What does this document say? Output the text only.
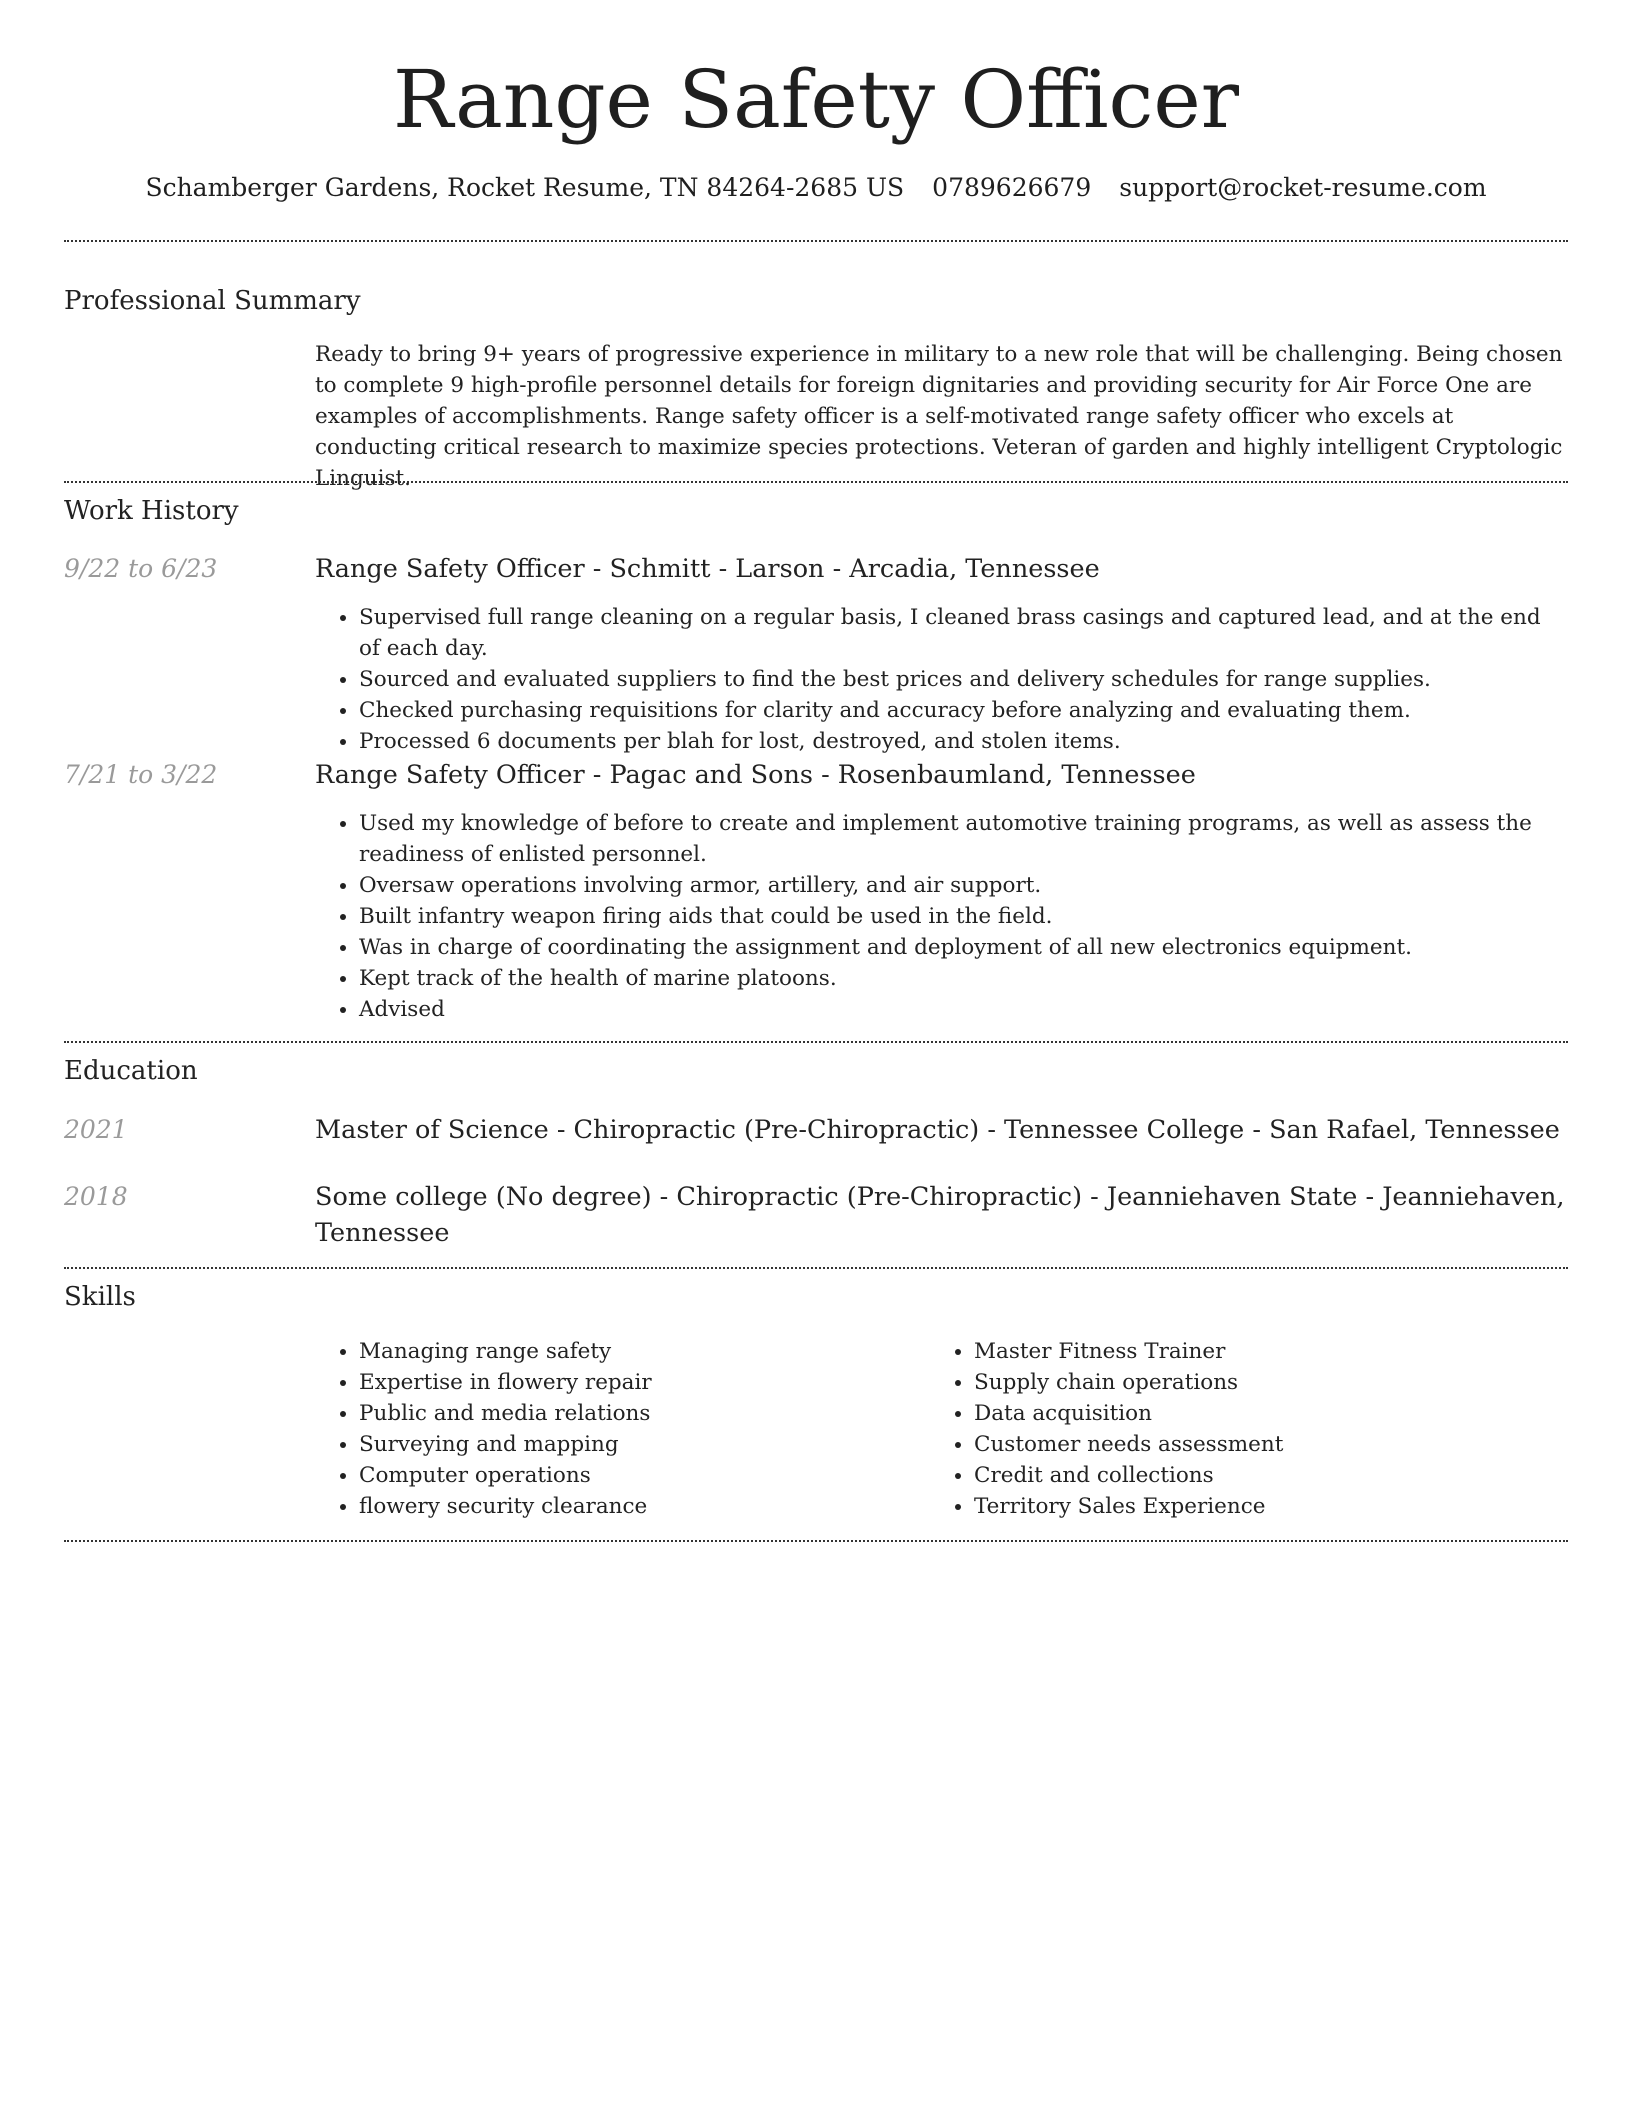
Range Safety Officer
Schamberger Gardens, Rocket Resume, TN 84264-2685 US 0789626679 support@rocket-resume.com
Professional Summary
Ready to bring 9+ years of progressive experience in military to a new role that will be challenging. Being chosen to complete 9 high-profile personnel details for foreign dignitaries and providing security for Air Force One are examples of accomplishments. Range safety officer is a self-motivated range safety officer who excels at conducting critical research to maximize species protections. Veteran of garden and highly intelligent Cryptologic Linguist.
Work History
9/22 to 6/23	Range Safety Officer - Schmitt - Larson - Arcadia, Tennessee
• Supervised full range cleaning on a regular basis, I cleaned brass casings and captured lead, and at the end of each day.
• Sourced and evaluated suppliers to find the best prices and delivery schedules for range supplies.
• Checked purchasing requisitions for clarity and accuracy before analyzing and evaluating them.
• Processed 6 documents per blah for lost, destroyed, and stolen items.
7/21 to 3/22	Range Safety Officer - Pagac and Sons - Rosenbaumland, Tennessee
• Used my knowledge of before to create and implement automotive training programs, as well as assess the readiness of enlisted personnel.
• Oversaw operations involving armor, artillery, and air support.
• Built infantry weapon firing aids that could be used in the field.
• Was in charge of coordinating the assignment and deployment of all new electronics equipment.
• Kept track of the health of marine platoons.
• Advised
Education
2021	Master of Science - Chiropractic (Pre-Chiropractic) - Tennessee College - San Rafael, Tennessee
2018	Some college (No degree) - Chiropractic (Pre-Chiropractic) - Jeanniehaven State - Jeanniehaven, Tennessee
Skills
• Managing range safety
• Expertise in flowery repair
• Public and media relations
• Surveying and mapping
• Computer operations
• flowery security clearance
• Master Fitness Trainer
• Supply chain operations
• Data acquisition
• Customer needs assessment
• Credit and collections
• Territory Sales Experience
